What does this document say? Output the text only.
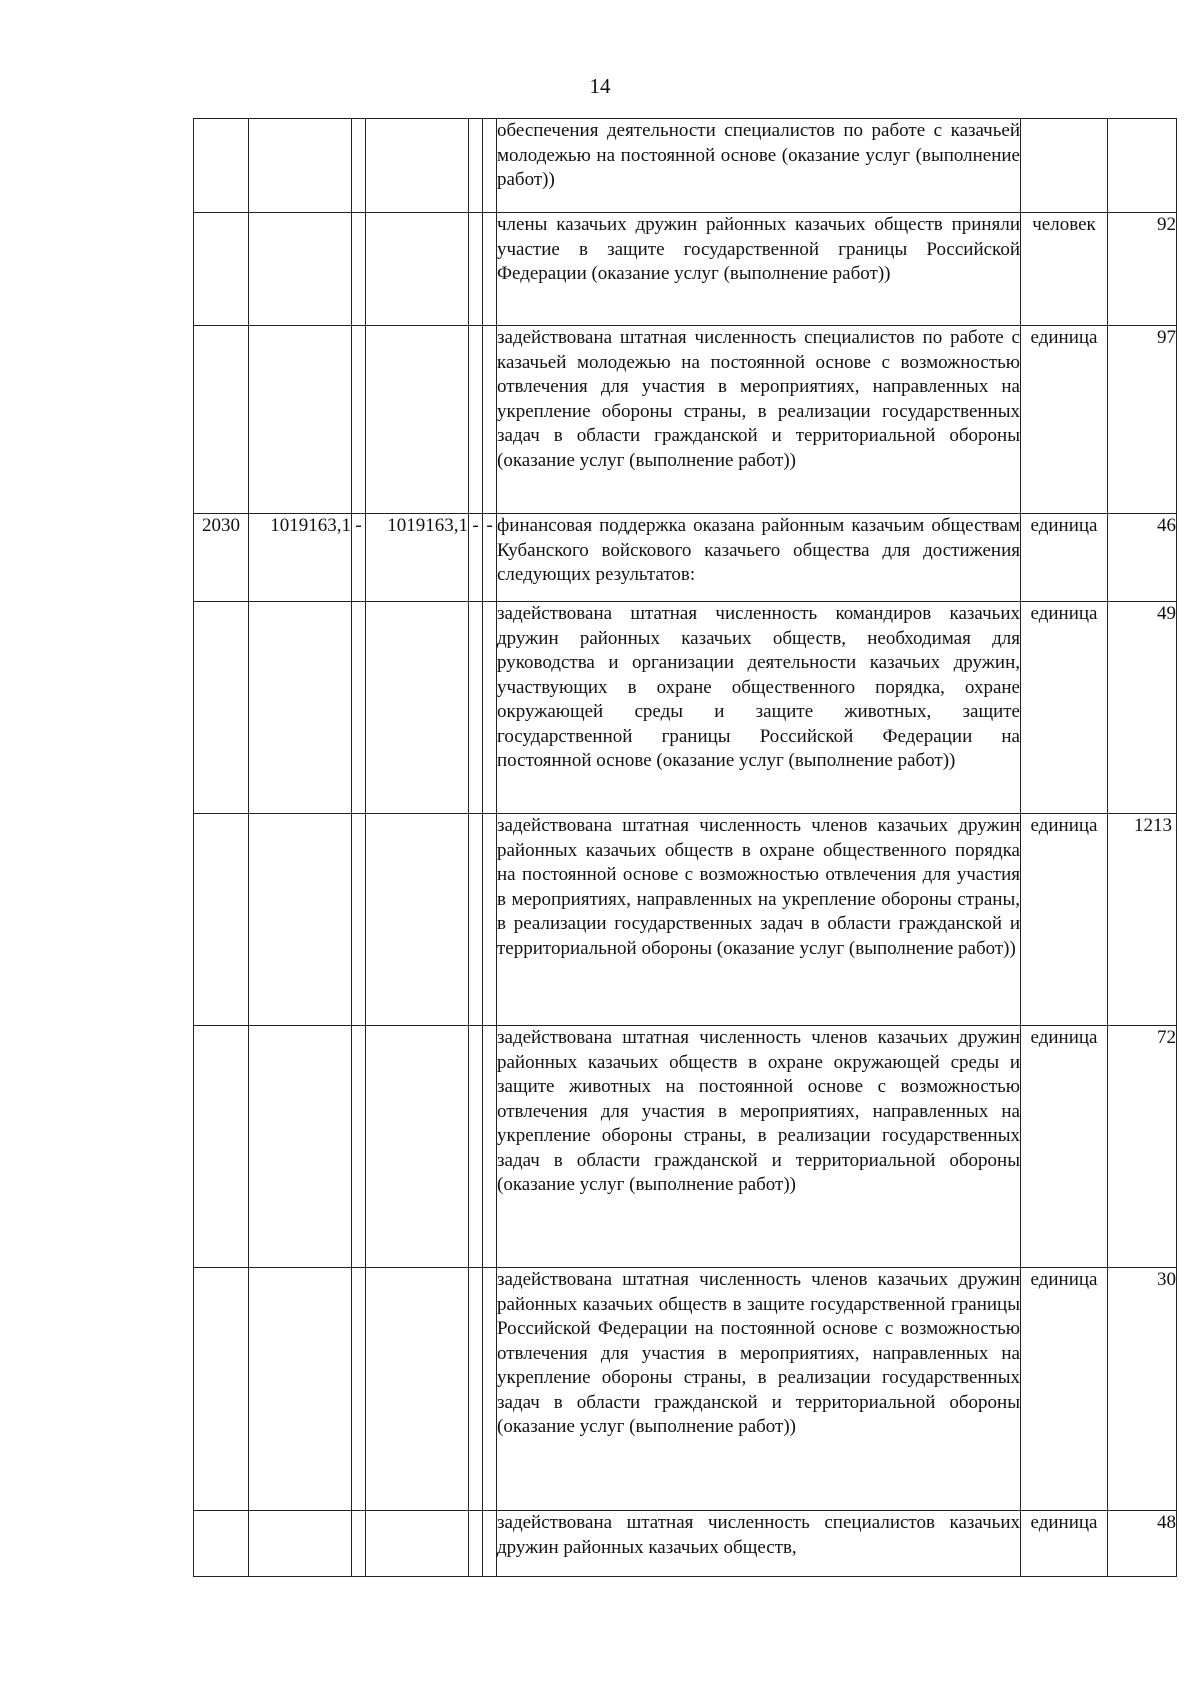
14
						обеспечения деятельности специалистов по работе с казачьей молодежью на постоянной основе (оказание услуг (выполнение работ))		
						члены казачьих дружин районных казачьих обществ приняли участие в защите государственной границы Российской Федерации (оказание услуг (выполнение работ))	человек	92
						задействована штатная численность специалистов по работе с казачьей молодежью на постоянной основе с возможностью отвлечения для участия в мероприятиях, направленных на укрепление обороны страны, в реализации государственных задач в области гражданской и территориальной обороны (оказание услуг (выполнение работ))	единица	97
2030	1019163,1	-	1019163,1	-	-	финансовая поддержка оказана районным казачьим обществам Кубанского войскового казачьего общества для достижения следующих результатов:	единица	46
						задействована штатная численность командиров казачьих дружин районных казачьих обществ, необходимая для руководства и организации деятельности казачьих дружин, участвующих в охране общественного порядка, охране окружающей среды и защите животных, защите государственной границы Российской Федерации на постоянной основе (оказание услуг (выполнение работ))	единица	49
						задействована штатная численность членов казачьих дружин районных казачьих обществ в охране общественного порядка на постоянной основе с возможностью отвлечения для участия в мероприятиях, направленных на укрепление обороны страны, в реализации государственных задач в области гражданской и территориальной обороны (оказание услуг (выполнение работ))	единица	1213
						задействована штатная численность членов казачьих дружин районных казачьих обществ в охране окружающей среды и защите животных на постоянной основе с возможностью отвлечения для участия в мероприятиях, направленных на укрепление обороны страны, в реализации государственных задач в области гражданской и территориальной обороны (оказание услуг (выполнение работ))	единица	72
						задействована штатная численность членов казачьих дружин районных казачьих обществ в защите государственной границы Российской Федерации на постоянной основе с возможностью отвлечения для участия в мероприятиях, направленных на укрепление обороны страны, в реализации государственных задач в области гражданской и территориальной обороны (оказание услуг (выполнение работ))	единица	30
						задействована штатная численность специалистов казачьих дружин районных казачьих обществ,	единица	48
